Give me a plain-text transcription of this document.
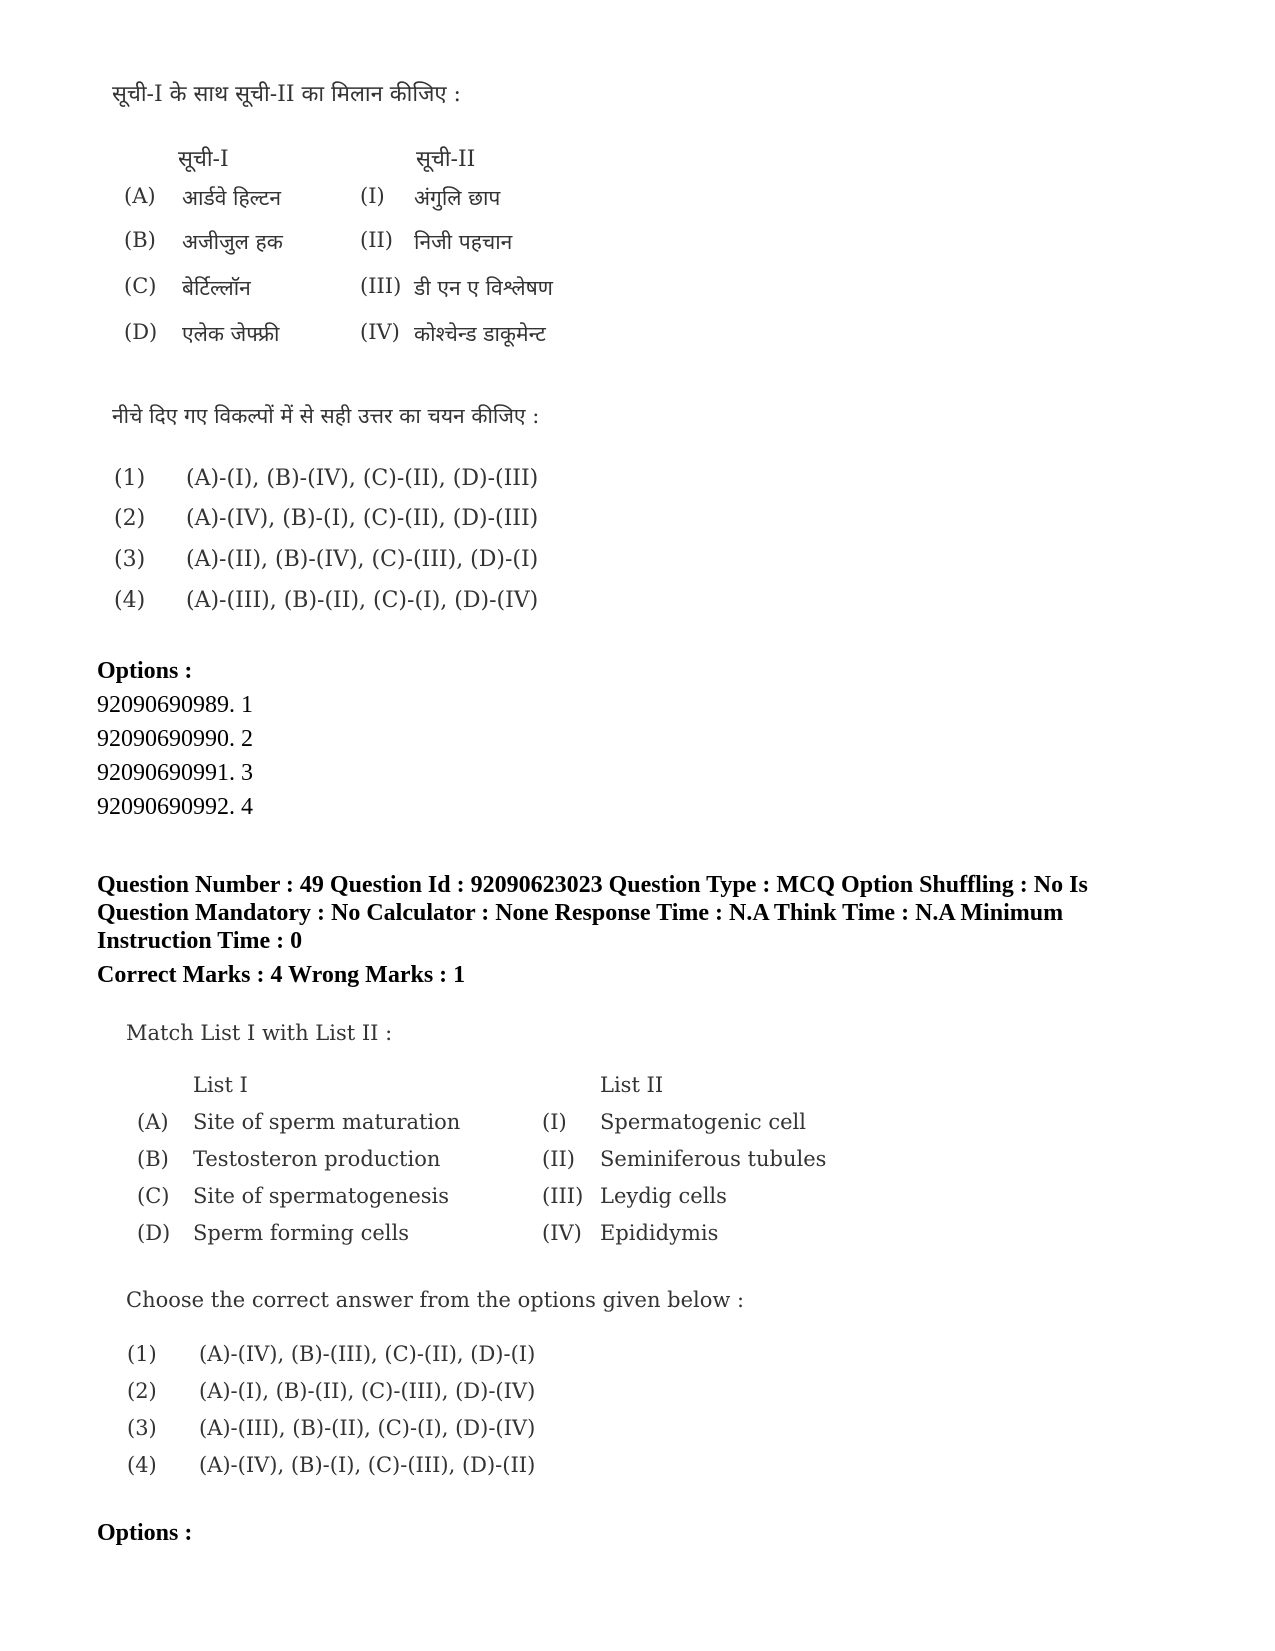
सूची-I के साथ सूची-II का मिलान कीजिए :
सूची-I	सूची-II
(A) आर्डवे हिल्टन	(I) अंगुलि छाप
(B) अजीजुल हक	(II) निजी पहचान
(C) बेर्टिल्लॉन	(III) डी एन ए विश्लेषण
(D) एलेक जेफ्फ्री	(IV) कोश्चेन्ड डाकूमेन्ट
नीचे दिए गए विकल्पों में से सही उत्तर का चयन कीजिए :
(1) (A)-(I), (B)-(IV), (C)-(II), (D)-(III)
(2) (A)-(IV), (B)-(I), (C)-(II), (D)-(III)
(3) (A)-(II), (B)-(IV), (C)-(III), (D)-(I)
(4) (A)-(III), (B)-(II), (C)-(I), (D)-(IV)
Options :
92090690989. 1
92090690990. 2
92090690991. 3
92090690992. 4
Question Number : 49 Question Id : 92090623023 Question Type : MCQ Option Shuffling : No Is
Question Mandatory : No Calculator : None Response Time : N.A Think Time : N.A Minimum
Instruction Time : 0
Correct Marks : 4 Wrong Marks : 1
Match List I with List II :
List I	List II
(A) Site of sperm maturation	(I) Spermatogenic cell
(B) Testosteron production	(II) Seminiferous tubules
(C) Site of spermatogenesis	(III) Leydig cells
(D) Sperm forming cells	(IV) Epididymis
Choose the correct answer from the options given below :
(1) (A)-(IV), (B)-(III), (C)-(II), (D)-(I)
(2) (A)-(I), (B)-(II), (C)-(III), (D)-(IV)
(3) (A)-(III), (B)-(II), (C)-(I), (D)-(IV)
(4) (A)-(IV), (B)-(I), (C)-(III), (D)-(II)
Options :
